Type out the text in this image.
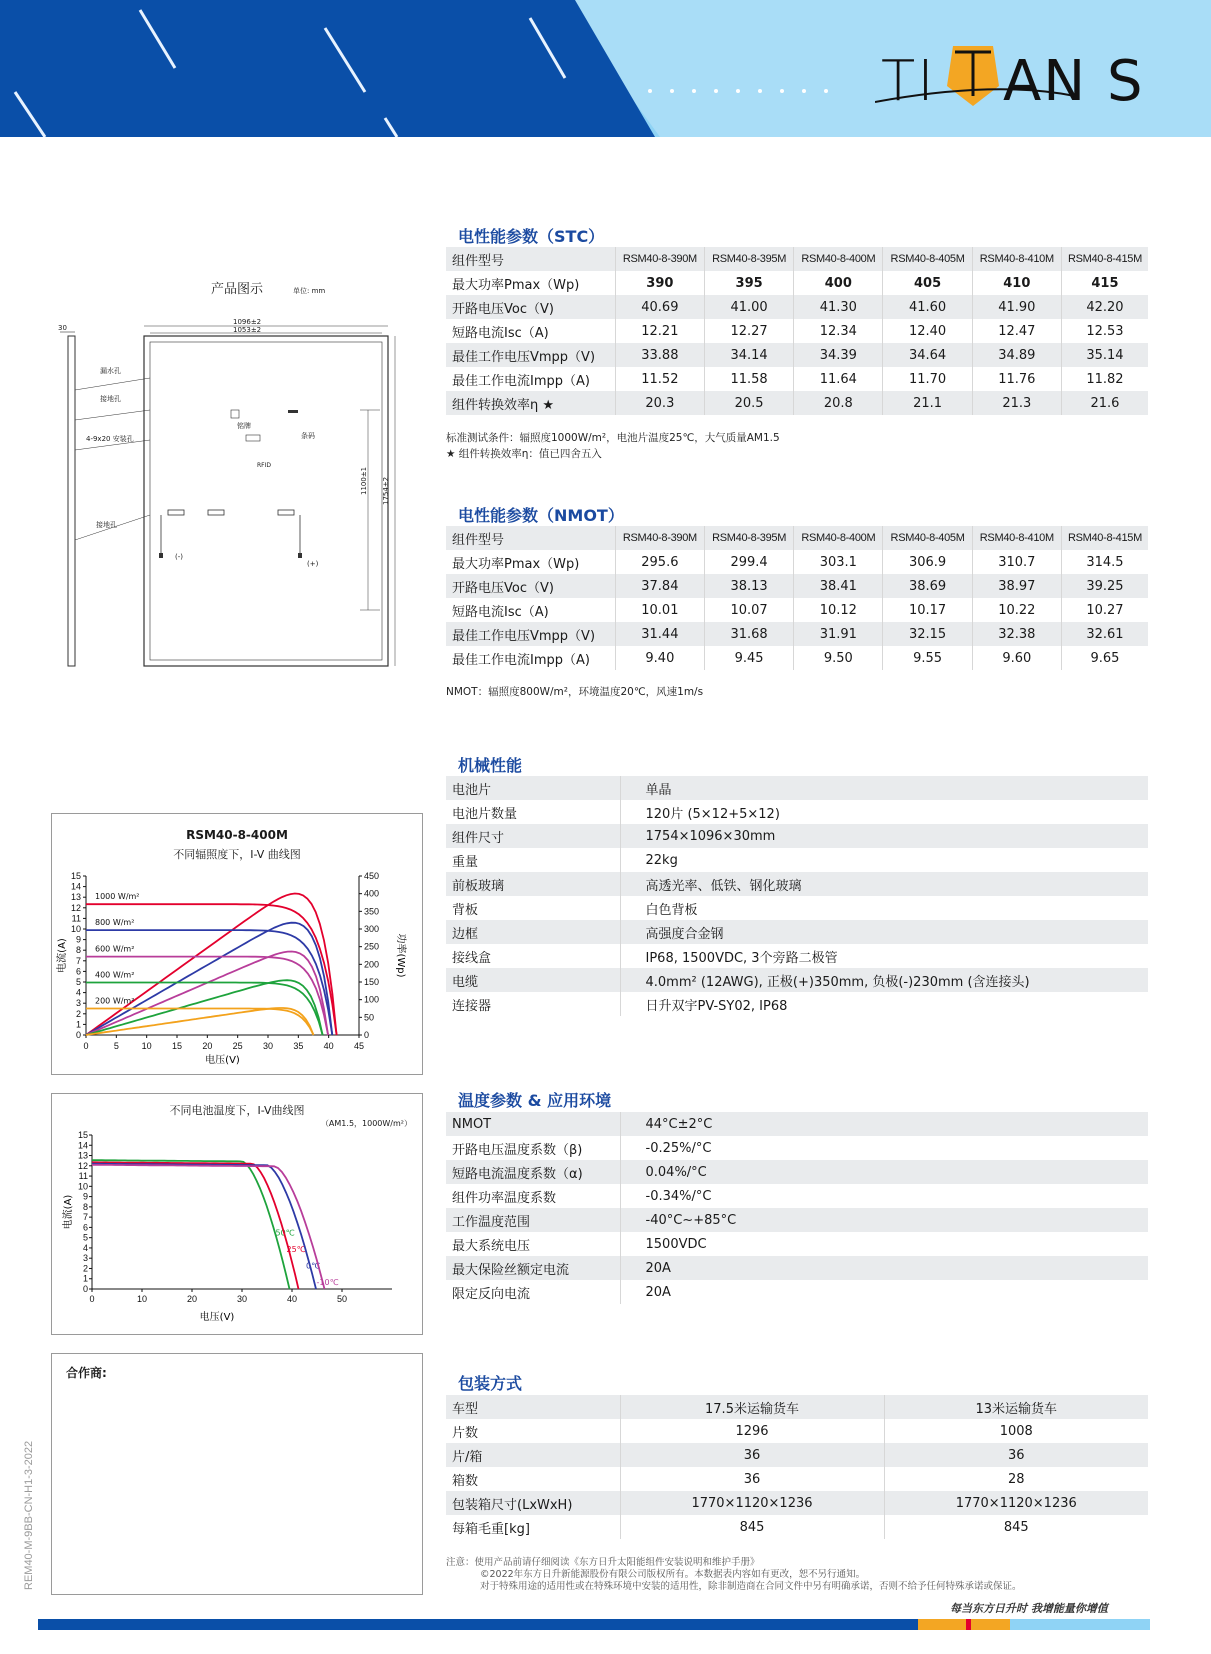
TI AN S
产品图示	单位: mm
30
1096±2
1053±2
1100±1 1754±2
漏水孔
接地孔
4-9x20 安装孔
接地孔
铭牌
条码
RFID
(-)
(+)
电性能参数（STC）
组件型号	RSM40-8-390M	RSM40-8-395M	RSM40-8-400M	RSM40-8-405M	RSM40-8-410M	RSM40-8-415M
最大功率Pmax（Wp)	390	395	400	405	410	415
开路电压Voc（V)	40.69	41.00	41.30	41.60	41.90	42.20
短路电流Isc（A)	12.21	12.27	12.34	12.40	12.47	12.53
最佳工作电压Vmpp（V)	33.88	34.14	34.39	34.64	34.89	35.14
最佳工作电流Impp（A)	11.52	11.58	11.64	11.70	11.76	11.82
组件转换效率η ★	20.3	20.5	20.8	21.1	21.3	21.6
标准测试条件：辐照度1000W/m²，电池片温度25℃，大气质量AM1.5
★ 组件转换效率η：值已四舍五入
电性能参数（NMOT）
组件型号	RSM40-8-390M	RSM40-8-395M	RSM40-8-400M	RSM40-8-405M	RSM40-8-410M	RSM40-8-415M
最大功率Pmax（Wp)	295.6	299.4	303.1	306.9	310.7	314.5
开路电压Voc（V)	37.84	38.13	38.41	38.69	38.97	39.25
短路电流Isc（A)	10.01	10.07	10.12	10.17	10.22	10.27
最佳工作电压Vmpp（V)	31.44	31.68	31.91	32.15	32.38	32.61
最佳工作电流Impp（A)	9.40	9.45	9.50	9.55	9.60	9.65
NMOT：辐照度800W/m²，环境温度20℃，风速1m/s
机械性能
电池片	单晶
电池片数量	120片 (5×12+5×12)
组件尺寸	1754×1096×30mm
重量	22kg
前板玻璃	高透光率、低铁、钢化玻璃
背板	白色背板
边框	高强度合金钢
接线盒	IP68, 1500VDC, 3个旁路二极管
电缆	4.0mm² (12AWG), 正极(+)350mm, 负极(-)230mm (含连接头)
连接器	日升双宇PV-SY02, IP68
温度参数 & 应用环境
NMOT	44°C±2°C
开路电压温度系数（β)	-0.25%/°C
短路电流温度系数（α)	0.04%/°C
组件功率温度系数	-0.34%/°C
工作温度范围	-40°C~+85°C
最大系统电压	1500VDC
最大保险丝额定电流	20A
限定反向电流	20A
包装方式
车型	17.5米运输货车	13米运输货车
片数	1296	1008
片/箱	36	36
箱数	36	28
包装箱尺寸(LxWxH)	1770×1120×1236	1770×1120×1236
每箱毛重[kg]	845	845
RSM40-8-400M
不同辐照度下，I-V 曲线图
0
1
2
3
4
5
6
7
8
9
10
11
12
13
14
15
0
50
100
150
200
250
300
350
400
450
0	5	10 15 20 25 30 35 40 45
电压(V)
电流(A)	功率(Wp)
1000 W/m²
800 W/m²
600 W/m²
400 W/m²
200 W/m²
不同电池温度下，I-V曲线图
（AM1.5，1000W/m²）
0
1
2
3
4
5
6
7
8
9
10
11
12
13
14
15
0	10	20	30	40	50
电压(V)
电流(A)
50℃
25℃
0℃
-10℃
合作商:
REM40-M-9BB-CN-H1-3-2022	注意：使用产品前请仔细阅读《东方日升太阳能组件安装说明和维护手册》
©2022年东方日升新能源股份有限公司版权所有。本数据表内容如有更改，恕不另行通知。
对于特殊用途的适用性或在特殊环境中安装的适用性，除非制造商在合同文件中另有明确承诺，否则不给予任何特殊承诺或保证。
每当东方日升时 我增能量你增值
